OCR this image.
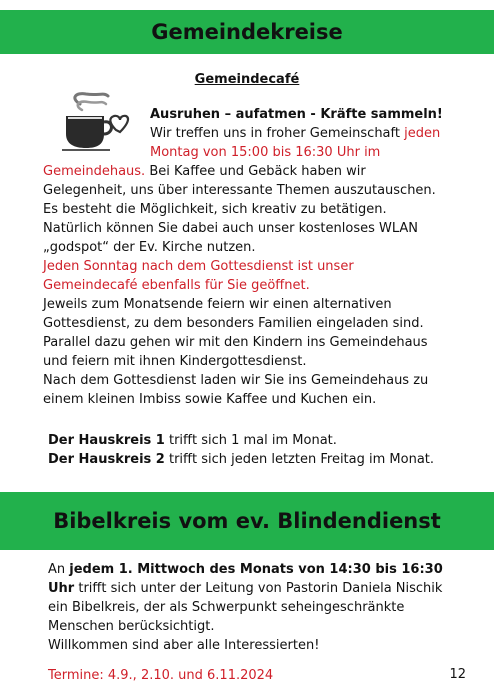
Gemeindekreise
Gemeindecafé
Ausruhen – aufatmen - Kräfte sammeln!
Wir treffen uns in froher Gemeinschaft jeden
Montag von 15:00 bis 16:30 Uhr im
Gemeindehaus. Bei Kaffee und Gebäck haben wir
Gelegenheit, uns über interessante Themen auszutauschen.
Es besteht die Möglichkeit, sich kreativ zu betätigen.
Natürlich können Sie dabei auch unser kostenloses WLAN
„godspot“ der Ev. Kirche nutzen.
Jeden Sonntag nach dem Gottesdienst ist unser
Gemeindecafé ebenfalls für Sie geöffnet.
Jeweils zum Monatsende feiern wir einen alternativen
Gottesdienst, zu dem besonders Familien eingeladen sind.
Parallel dazu gehen wir mit den Kindern ins Gemeindehaus
und feiern mit ihnen Kindergottesdienst.
Nach dem Gottesdienst laden wir Sie ins Gemeindehaus zu
einem kleinen Imbiss sowie Kaffee und Kuchen ein.
Der Hauskreis 1 trifft sich 1 mal im Monat.
Der Hauskreis 2 trifft sich jeden letzten Freitag im Monat.
Bibelkreis vom ev. Blindendienst
An jedem 1. Mittwoch des Monats von 14:30 bis 16:30
Uhr trifft sich unter der Leitung von Pastorin Daniela Nischik
ein Bibelkreis, der als Schwerpunkt seheingeschränkte
Menschen berücksichtigt.
Willkommen sind aber alle Interessierten!
Termine: 4.9., 2.10. und 6.11.2024	12
